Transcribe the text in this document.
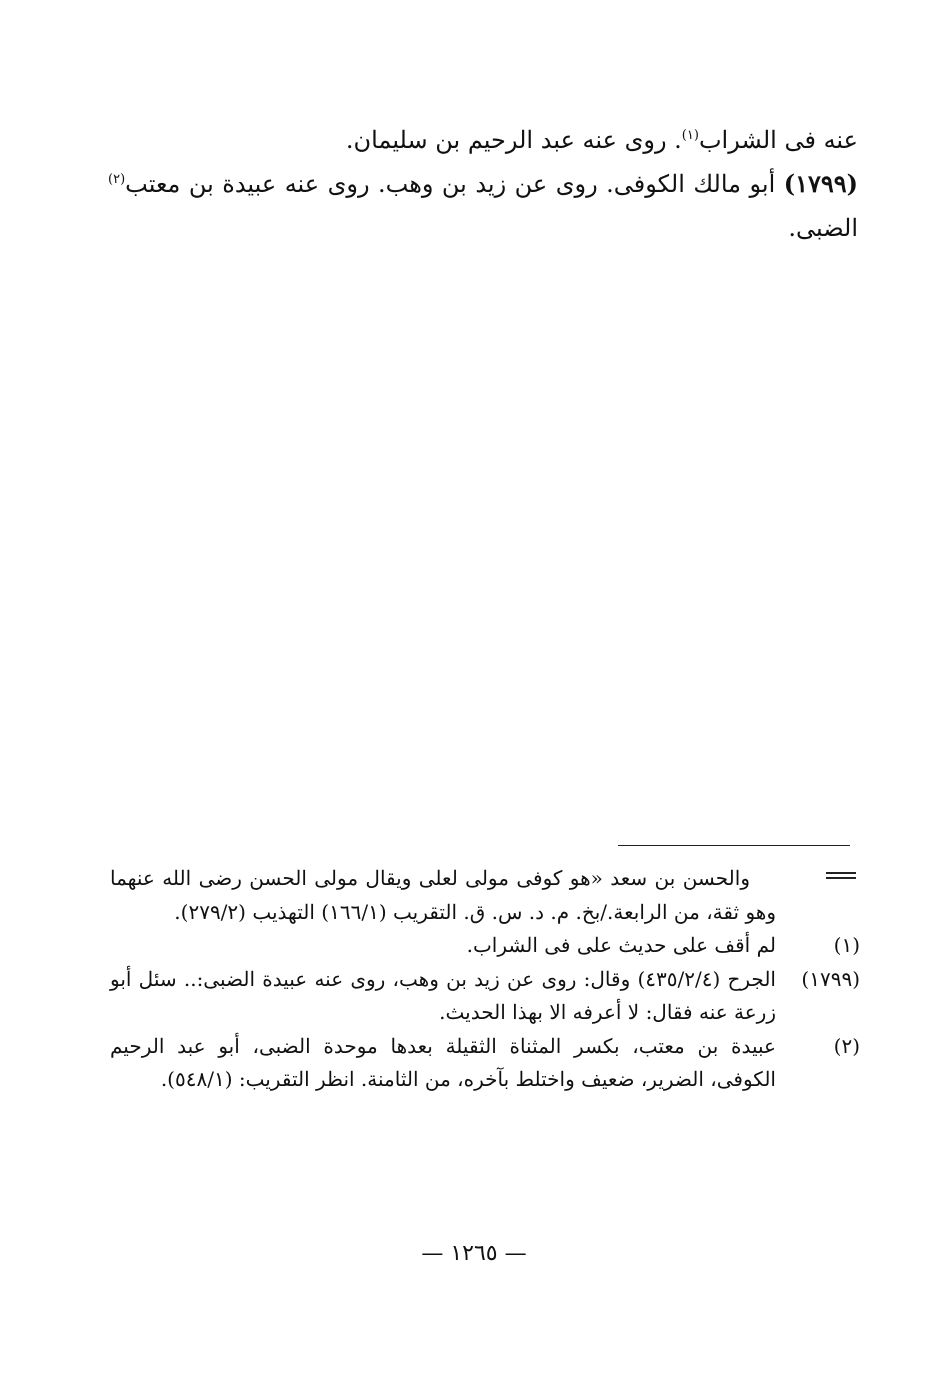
عنه فى الشراب$^{(١)}$. روى عنه عبد الرحيم بن سليمان.

(١٧٩٩) أبو مالك الكوفى. روى عن زيد بن وهب. روى عنه عبيدة بن معتب$^{(٢)}$ الضبى.

والحسن بن سعد «هو كوفى مولى لعلى ويقال مولى الحسن رضى الله عنهما وهو ثقة، من الرابعة./بخ. م. د. س. ق. التقريب (١٦٦/١) التهذيب (٢٧٩/٢).
(١)
لم أقف على حديث على فى الشراب.
(١٧٩٩)
الجرح (٤٣٥/٢/٤) وقال: روى عن زيد بن وهب، روى عنه عبيدة الضبى:.. سئل أبو زرعة عنه فقال: لا أعرفه الا بهذا الحديث.
(٢)
عبيدة بن معتب، بكسر المثناة الثقيلة بعدها موحدة الضبى، أبو عبد الرحيم الكوفى، الضرير، ضعيف واختلط بآخره، من الثامنة. انظر التقريب: (٥٤٨/١).
— ١٢٦٥ —
